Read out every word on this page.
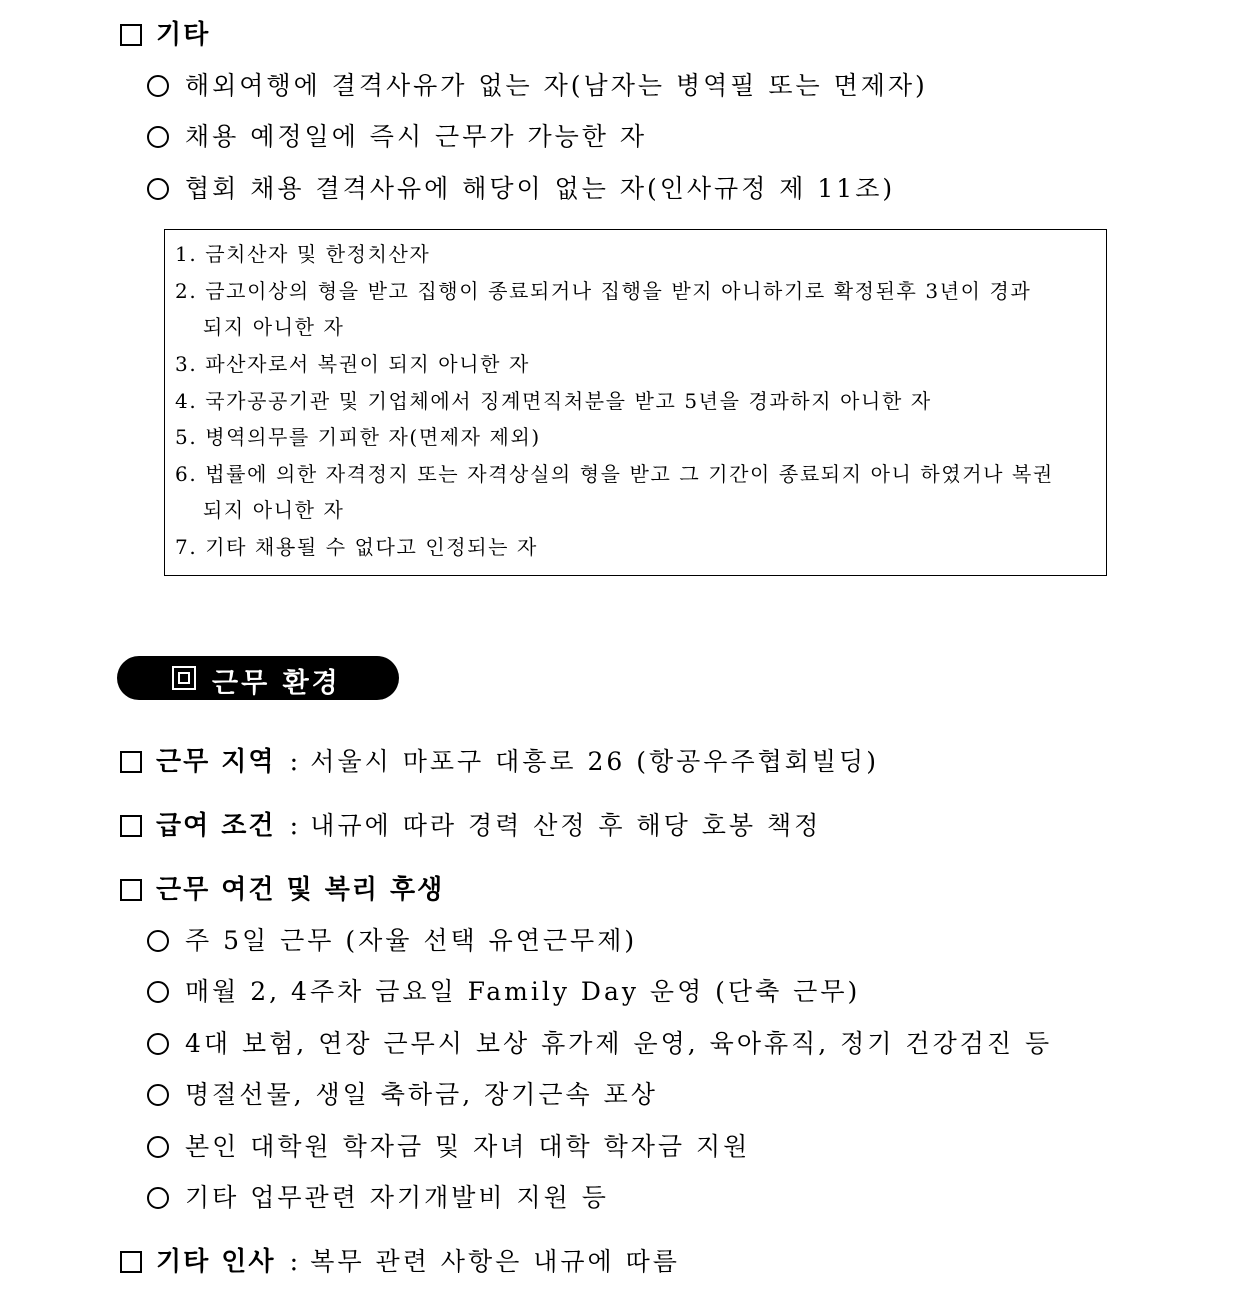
기타
해외여행에 결격사유가 없는 자(남자는 병역필 또는 면제자)
채용 예정일에 즉시 근무가 가능한 자
협회 채용 결격사유에 해당이 없는 자(인사규정 제 11조)
1. 금치산자 및 한정치산자
2. 금고이상의 형을 받고 집행이 종료되거나 집행을 받지 아니하기로 확정된후 3년이 경과
되지 아니한 자
3. 파산자로서 복권이 되지 아니한 자
4. 국가공공기관 및 기업체에서 징계면직처분을 받고 5년을 경과하지 아니한 자
5. 병역의무를 기피한 자(면제자 제외)
6. 법률에 의한 자격정지 또는 자격상실의 형을 받고 그 기간이 종료되지 아니 하였거나 복권
되지 아니한 자
7. 기타 채용될 수 없다고 인정되는 자
근무 환경
근무 지역 : 서울시 마포구 대흥로 26 (항공우주협회빌딩)
급여 조건 : 내규에 따라 경력 산정 후 해당 호봉 책정
근무 여건 및 복리 후생
주 5일 근무 (자율 선택 유연근무제)
매월 2, 4주차 금요일 Family Day 운영 (단축 근무)
4대 보험, 연장 근무시 보상 휴가제 운영, 육아휴직, 정기 건강검진 등
명절선물, 생일 축하금, 장기근속 포상
본인 대학원 학자금 및 자녀 대학 학자금 지원
기타 업무관련 자기개발비 지원 등
기타 인사 : 복무 관련 사항은 내규에 따름
